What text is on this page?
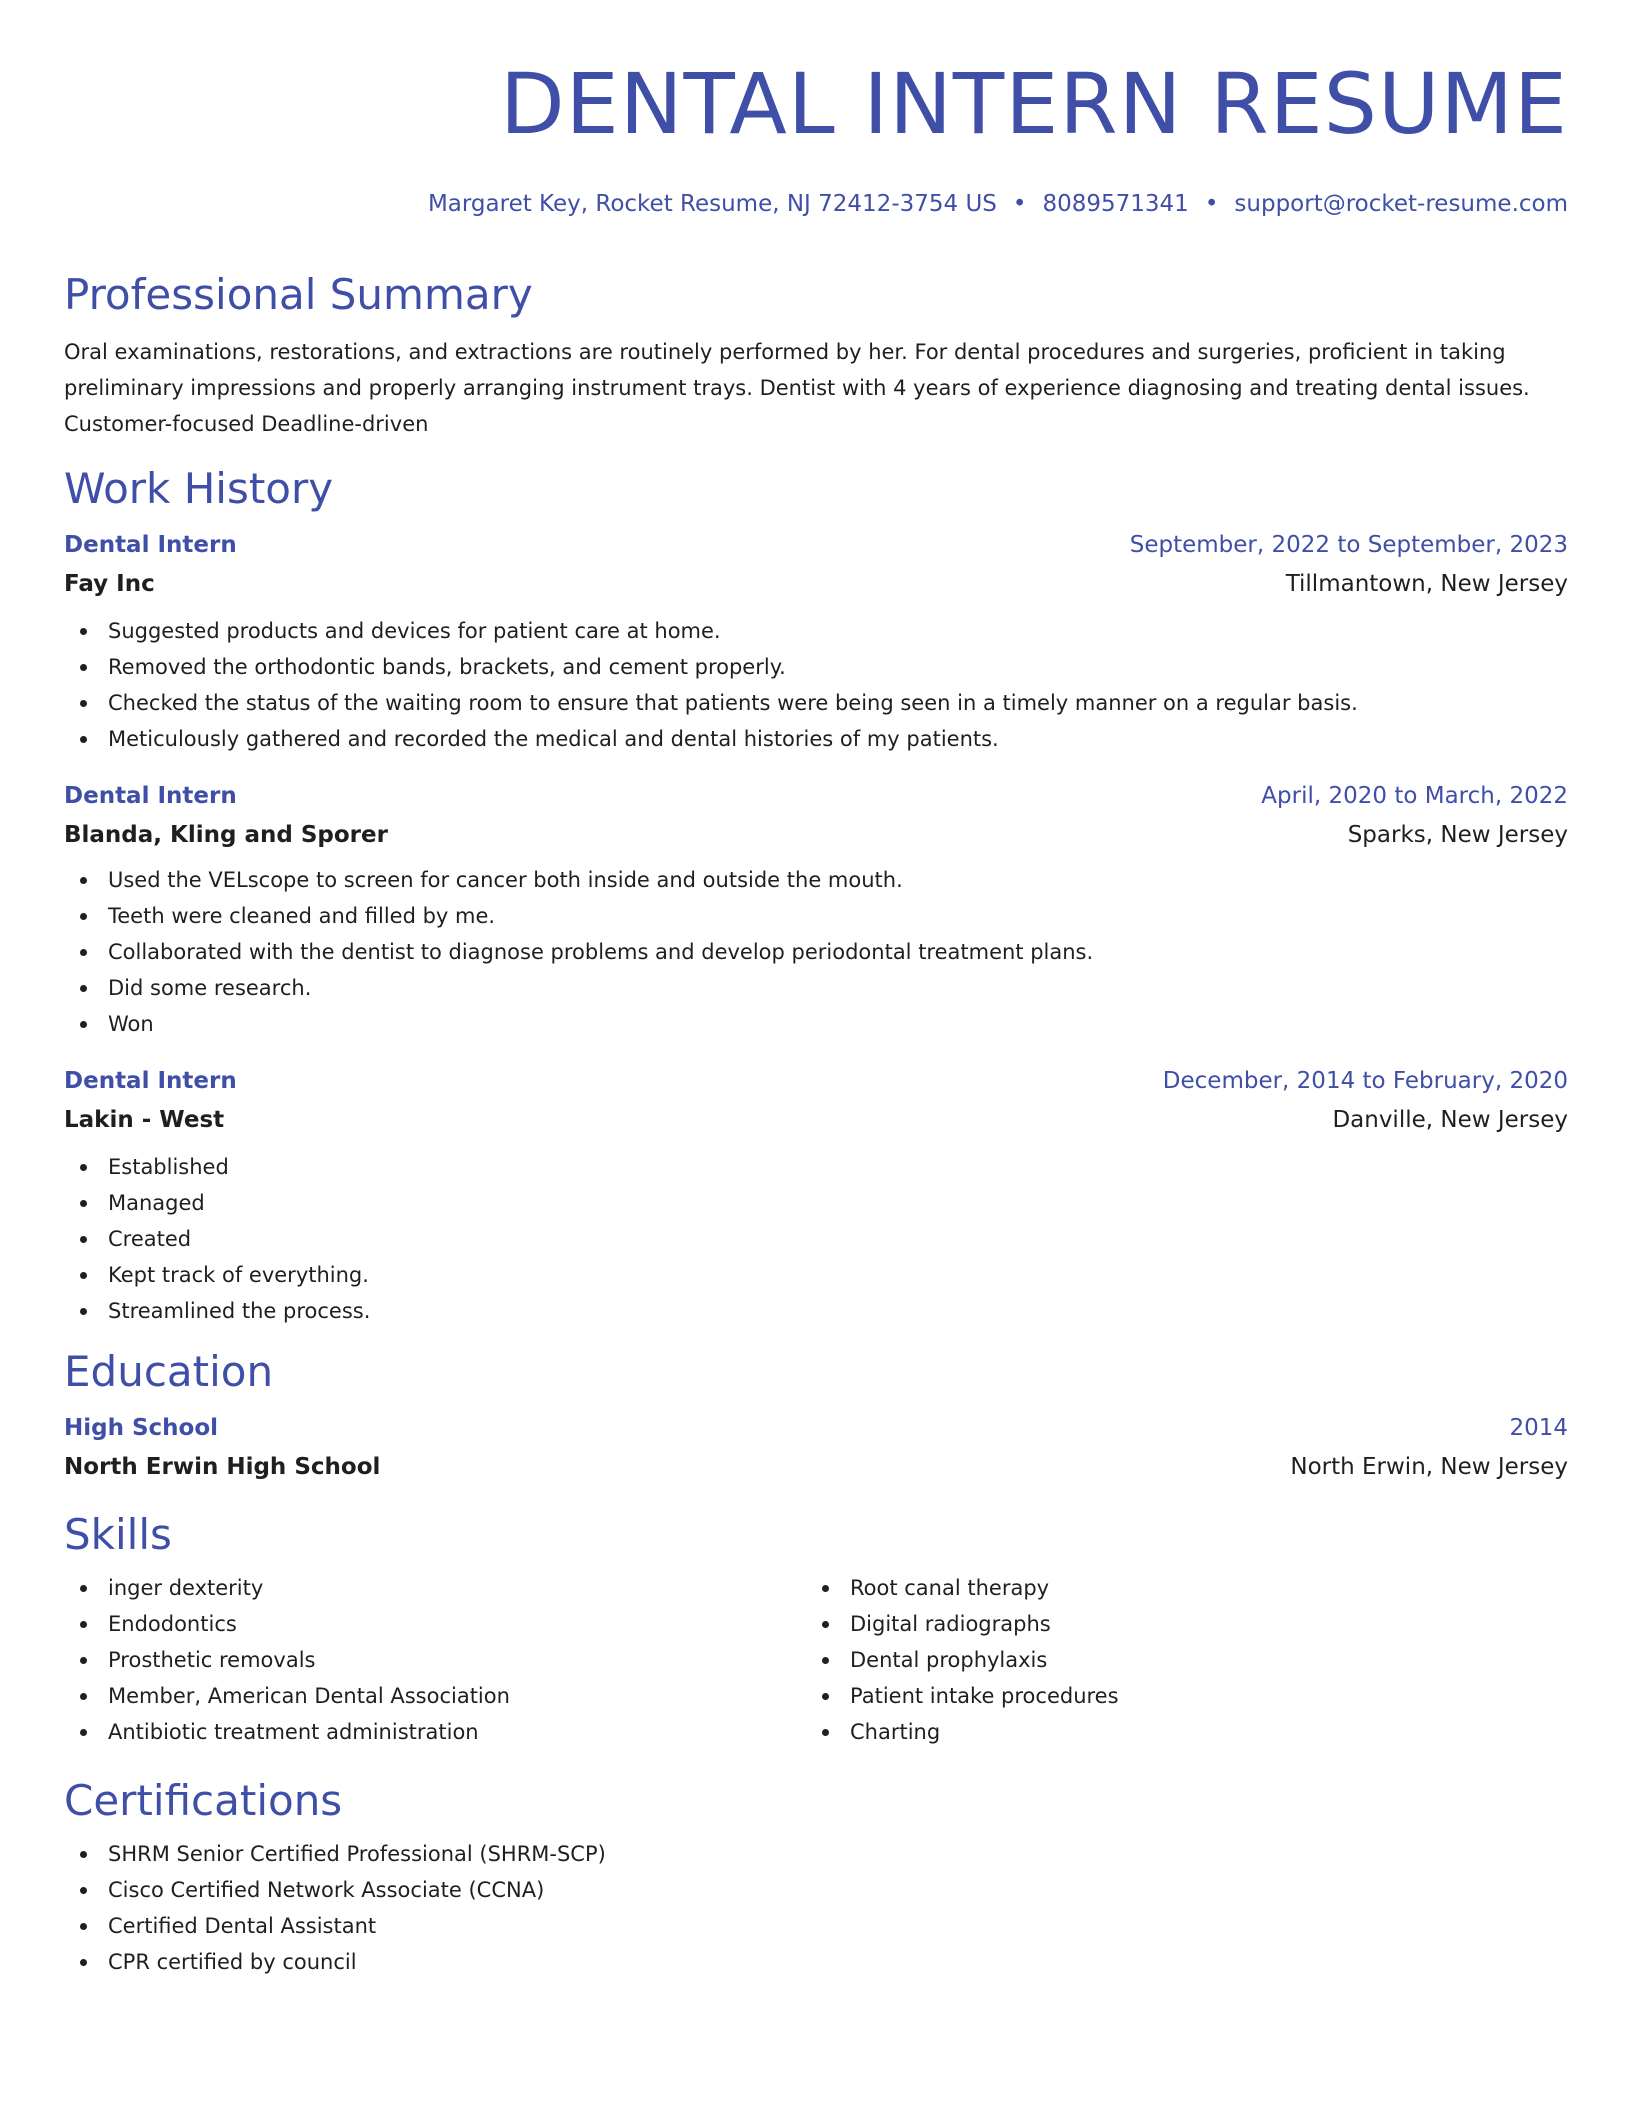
DENTAL INTERN RESUME
Margaret Key, Rocket Resume, NJ 72412-3754 US • 8089571341 • support@rocket-resume.com
Professional Summary
Oral examinations, restorations, and extractions are routinely performed by her. For dental procedures and surgeries, proficient in taking preliminary impressions and properly arranging instrument trays. Dentist with 4 years of experience diagnosing and treating dental issues. Customer-focused Deadline-driven
Work History
Dental Intern	September, 2022 to September, 2023
Fay Inc	Tillmantown, New Jersey
Suggested products and devices for patient care at home.
Removed the orthodontic bands, brackets, and cement properly.
Checked the status of the waiting room to ensure that patients were being seen in a timely manner on a regular basis.
Meticulously gathered and recorded the medical and dental histories of my patients.
Dental Intern	April, 2020 to March, 2022
Blanda, Kling and Sporer	Sparks, New Jersey
Used the VELscope to screen for cancer both inside and outside the mouth.
Teeth were cleaned and filled by me.
Collaborated with the dentist to diagnose problems and develop periodontal treatment plans.
Did some research.
Won
Dental Intern	December, 2014 to February, 2020
Lakin - West	Danville, New Jersey
Established
Managed
Created
Kept track of everything.
Streamlined the process.
Education
High School	2014
North Erwin High School	North Erwin, New Jersey
Skills
inger dexterity
Endodontics
Prosthetic removals
Member, American Dental Association
Antibiotic treatment administration
Root canal therapy
Digital radiographs
Dental prophylaxis
Patient intake procedures
Charting
Certifications
SHRM Senior Certified Professional (SHRM-SCP)
Cisco Certified Network Associate (CCNA)
Certified Dental Assistant
CPR certified by council
